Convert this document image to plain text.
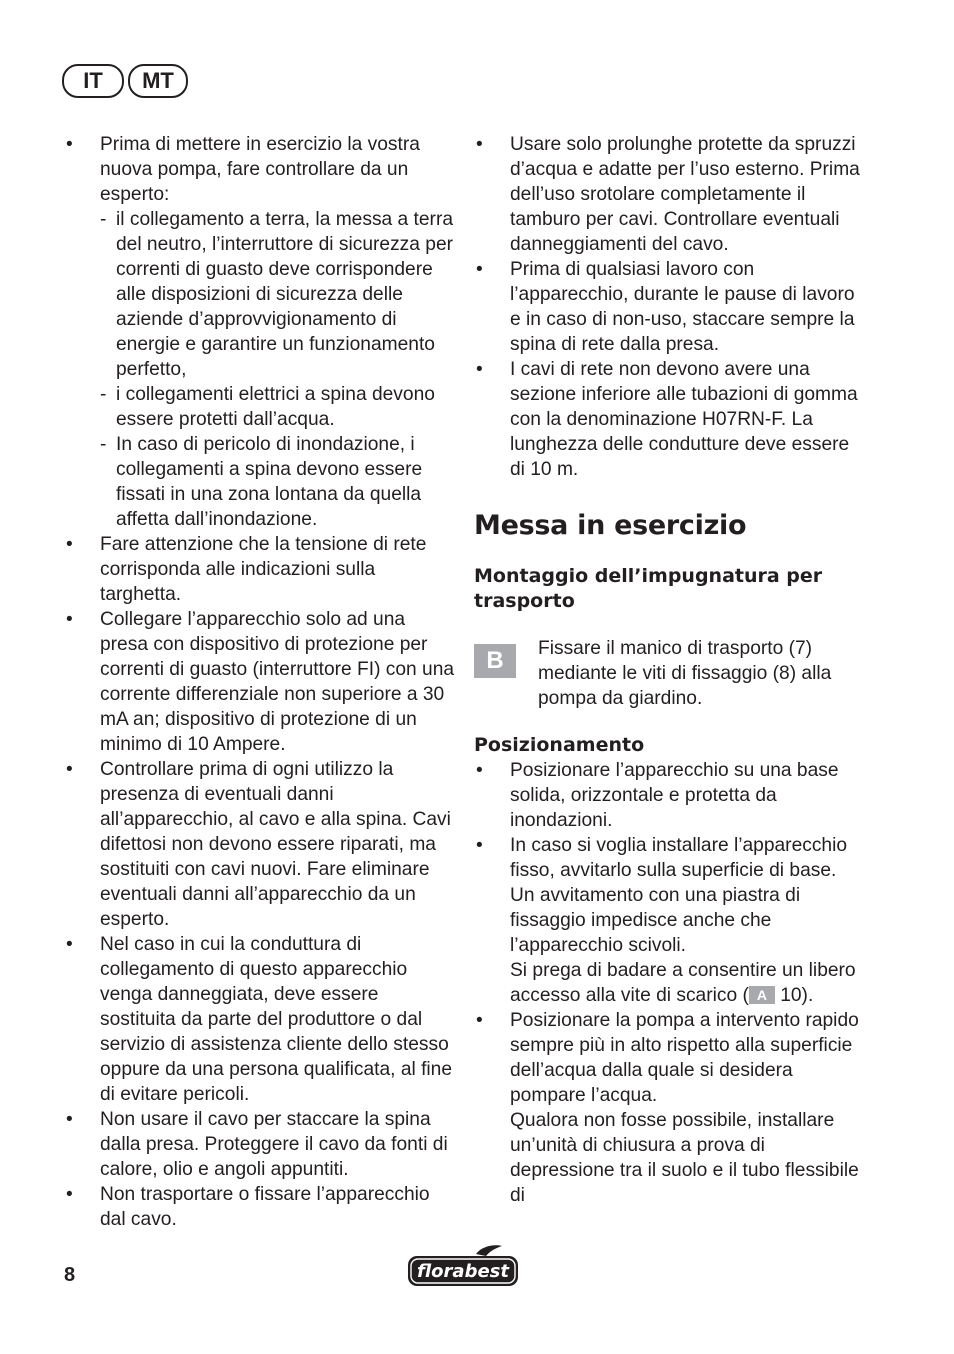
IT	MT
• Prima di mettere in esercizio la vostra nuova pompa, fare controllare da un esperto:
- il collegamento a terra, la messa a terra del neutro, l’interruttore di sicurezza per correnti di guasto deve corrispondere alle disposizioni di sicurezza delle aziende d’approvvigionamento di energie e garantire un funzionamento perfetto,
- i collegamenti elettrici a spina devono essere protetti dall’acqua.
- In caso di pericolo di inondazione, i collegamenti a spina devono essere fissati in una zona lontana da quella affetta dall’inondazione.
• Fare attenzione che la tensione di rete corrisponda alle indicazioni sulla targhetta.
• Collegare l’apparecchio solo ad una presa con dispositivo di protezione per correnti di guasto (interruttore FI) con una corrente differenziale non superiore a 30 mA an; dispositivo di protezione di un minimo di 10 Ampere.
• Controllare prima di ogni utilizzo la presenza di eventuali danni all’apparecchio, al cavo e alla spina. Cavi difettosi non devono essere riparati, ma sostituiti con cavi nuovi. Fare eliminare eventuali danni all’apparecchio da un esperto.
• Nel caso in cui la conduttura di collegamento di questo apparecchio venga danneggiata, deve essere sostituita da parte del produttore o dal servizio di assistenza cliente dello stesso oppure da una persona qualificata, al fine di evitare pericoli.
• Non usare il cavo per staccare la spina dalla presa. Proteggere il cavo da fonti di calore, olio e angoli appuntiti.
• Non trasportare o fissare l’apparecchio dal cavo.
• Usare solo prolunghe protette da spruzzi d’acqua e adatte per l’uso esterno. Prima dell’uso srotolare completamente il tamburo per cavi. Controllare eventuali danneggiamenti del cavo.
• Prima di qualsiasi lavoro con l’apparecchio, durante le pause di lavoro e in caso di non-uso, staccare sempre la spina di rete dalla presa.
• I cavi di rete non devono avere una sezione inferiore alle tubazioni di gomma con la denominazione H07RN-F. La lunghezza delle condutture deve essere di 10 m.
Messa in esercizio
Montaggio dell’impugnatura per trasporto
B	Fissare il manico di trasporto (7) mediante le viti di fissaggio (8) alla pompa da giardino.
Posizionamento
• Posizionare l’apparecchio su una base solida, orizzontale e protetta da inondazioni.
• In caso si voglia installare l’apparecchio fisso, avvitarlo sulla superficie di base. Un avvitamento con una piastra di fissaggio impedisce anche che l’apparecchio scivoli.
Si prega di badare a consentire un libero accesso alla vite di scarico ( A 10).
• Posizionare la pompa a intervento rapido sempre più in alto rispetto alla superficie dell’acqua dalla quale si desidera pompare l’acqua.
Qualora non fosse possibile, installare un’unità di chiusura a prova di depressione tra il suolo e il tubo flessibile di
8	florabest
